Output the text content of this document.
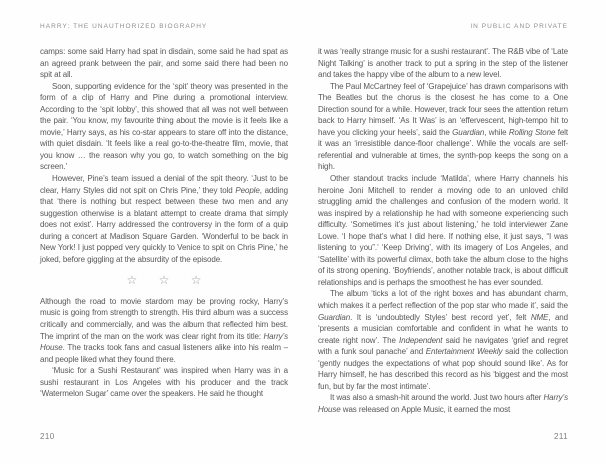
HARRY: THE UNAUTHORIZED BIOGRAPHY

camps: some said Harry had spat in disdain, some said he had spat as an agreed prank between the pair, and some said there had been no spit at all.

Soon, supporting evidence for the ‘spit’ theory was presented in the form of a clip of Harry and Pine during a promotional interview. According to the ‘spit lobby’, this showed that all was not well between the pair. ‘You know, my favourite thing about the movie is it feels like a movie,’ Harry says, as his co-star appears to stare off into the distance, with quiet disdain. ‘It feels like a real go-to-the-theatre film, movie, that you know … the reason why you go, to watch something on the big screen.’

However, Pine’s team issued a denial of the spit theory. ‘Just to be clear, Harry Styles did not spit on Chris Pine,’ they told People, adding that ‘there is nothing but respect between these two men and any suggestion otherwise is a blatant attempt to create drama that simply does not exist’. Harry addressed the controversy in the form of a quip during a concert at Madison Square Garden. ‘Wonderful to be back in New York! I just popped very quickly to Venice to spit on Chris Pine,’ he joked, before giggling at the absurdity of the episode.

☆ ☆ ☆

Although the road to movie stardom may be proving rocky, Harry’s music is going from strength to strength. His third album was a success critically and commercially, and was the album that reflected him best. The imprint of the man on the work was clear right from its title: Harry’s House. The tracks took fans and casual listeners alike into his realm – and people liked what they found there.

‘Music for a Sushi Restaurant’ was inspired when Harry was in a sushi restaurant in Los Angeles with his producer and the track ‘Watermelon Sugar’ came over the speakers. He said he thought

IN PUBLIC AND PRIVATE

it was ‘really strange music for a sushi restaurant’. The R&B vibe of ‘Late Night Talking’ is another track to put a spring in the step of the listener and takes the happy vibe of the album to a new level.

The Paul McCartney feel of ‘Grapejuice’ has drawn comparisons with The Beatles but the chorus is the closest he has come to a One Direction sound for a while. However, track four sees the attention return back to Harry himself. ‘As It Was’ is an ‘effervescent, high-tempo hit to have you clicking your heels’, said the Guardian, while Rolling Stone felt it was an ‘irresistible dance-floor challenge’. While the vocals are self-referential and vulnerable at times, the synth-pop keeps the song on a high.

Other standout tracks include ‘Matilda’, where Harry channels his heroine Joni Mitchell to render a moving ode to an unloved child struggling amid the challenges and confusion of the modern world. It was inspired by a relationship he had with someone experiencing such difficulty. ‘Sometimes it’s just about listening,’ he told interviewer Zane Lowe. ‘I hope that’s what I did here. If nothing else, it just says, “I was listening to you”.’ ‘Keep Driving’, with its imagery of Los Angeles, and ‘Satellite’ with its powerful climax, both take the album close to the highs of its strong opening. ‘Boyfriends’, another notable track, is about difficult relationships and is perhaps the smoothest he has ever sounded.

The album ‘ticks a lot of the right boxes and has abundant charm, which makes it a perfect reflection of the pop star who made it’, said the Guardian. It is ‘undoubtedly Styles’ best record yet’, felt NME, and ‘presents a musician comfortable and confident in what he wants to create right now’. The Independent said he navigates ‘grief and regret with a funk soul panache’ and Entertainment Weekly said the collection ‘gently nudges the expectations of what pop should sound like’. As for Harry himself, he has described this record as his ‘biggest and the most fun, but by far the most intimate’.

It was also a smash-hit around the world. Just two hours after Harry’s House was released on Apple Music, it earned the most

210	211
